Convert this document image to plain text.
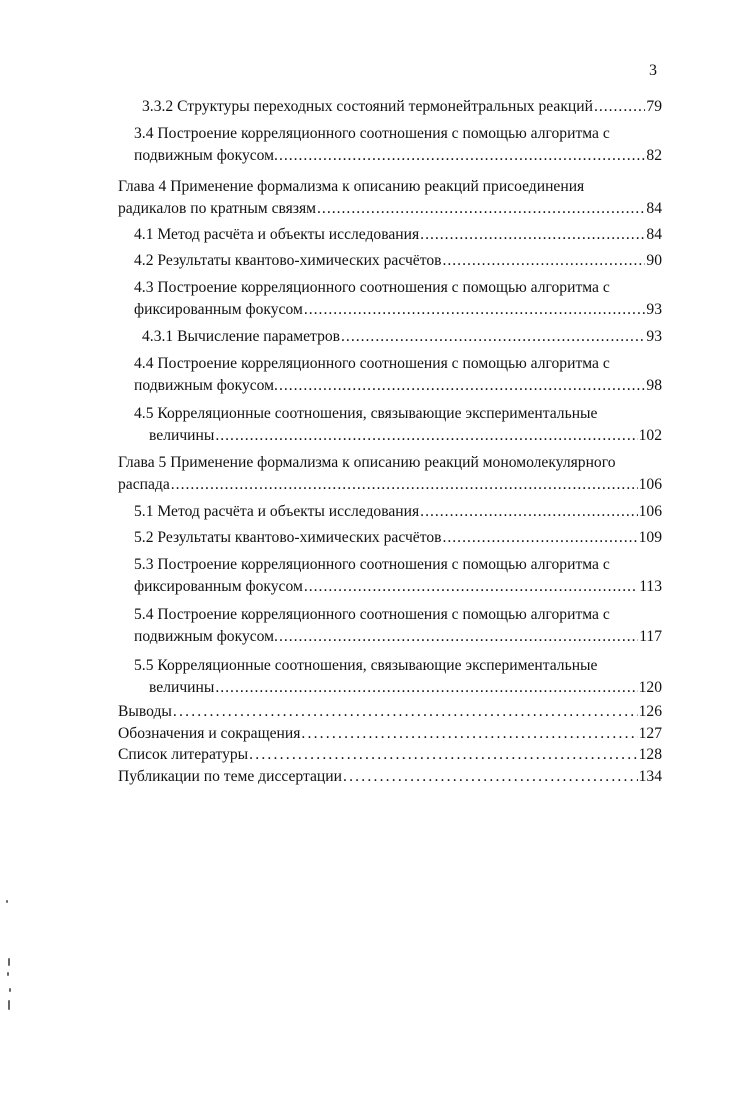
3
3.3.2 Структуры переходных состояний термонейтральных реакций .....	79
3.4 Построение корреляционного соотношения с помощью алгоритма с
подвижным фокусом. .....	82
Глава 4 Применение формализма к описанию реакций присоединения
радикалов по кратным связям .....	84
4.1 Метод расчёта и объекты исследования .....	84
4.2 Результаты квантово-химических расчётов .....	90
4.3 Построение корреляционного соотношения с помощью алгоритма с
фиксированным фокусом .....	93
4.3.1 Вычисление параметров .....	93
4.4 Построение корреляционного соотношения с помощью алгоритма с
подвижным фокусом. .....	98
4.5 Корреляционные соотношения, связывающие экспериментальные
величины .....	102
Глава 5 Применение формализма к описанию реакций мономолекулярного
распада .....	106
5.1 Метод расчёта и объекты исследования .....	106
5.2 Результаты квантово-химических расчётов .....	109
5.3 Построение корреляционного соотношения с помощью алгоритма с
фиксированным фокусом .....	113
5.4 Построение корреляционного соотношения с помощью алгоритма с
подвижным фокусом. .....	117
5.5 Корреляционные соотношения, связывающие экспериментальные
величины .....	120
Выводы .....	126
Обозначения и сокращения .....	127
Список литературы .....	128
Публикации по теме диссертации .....	134
